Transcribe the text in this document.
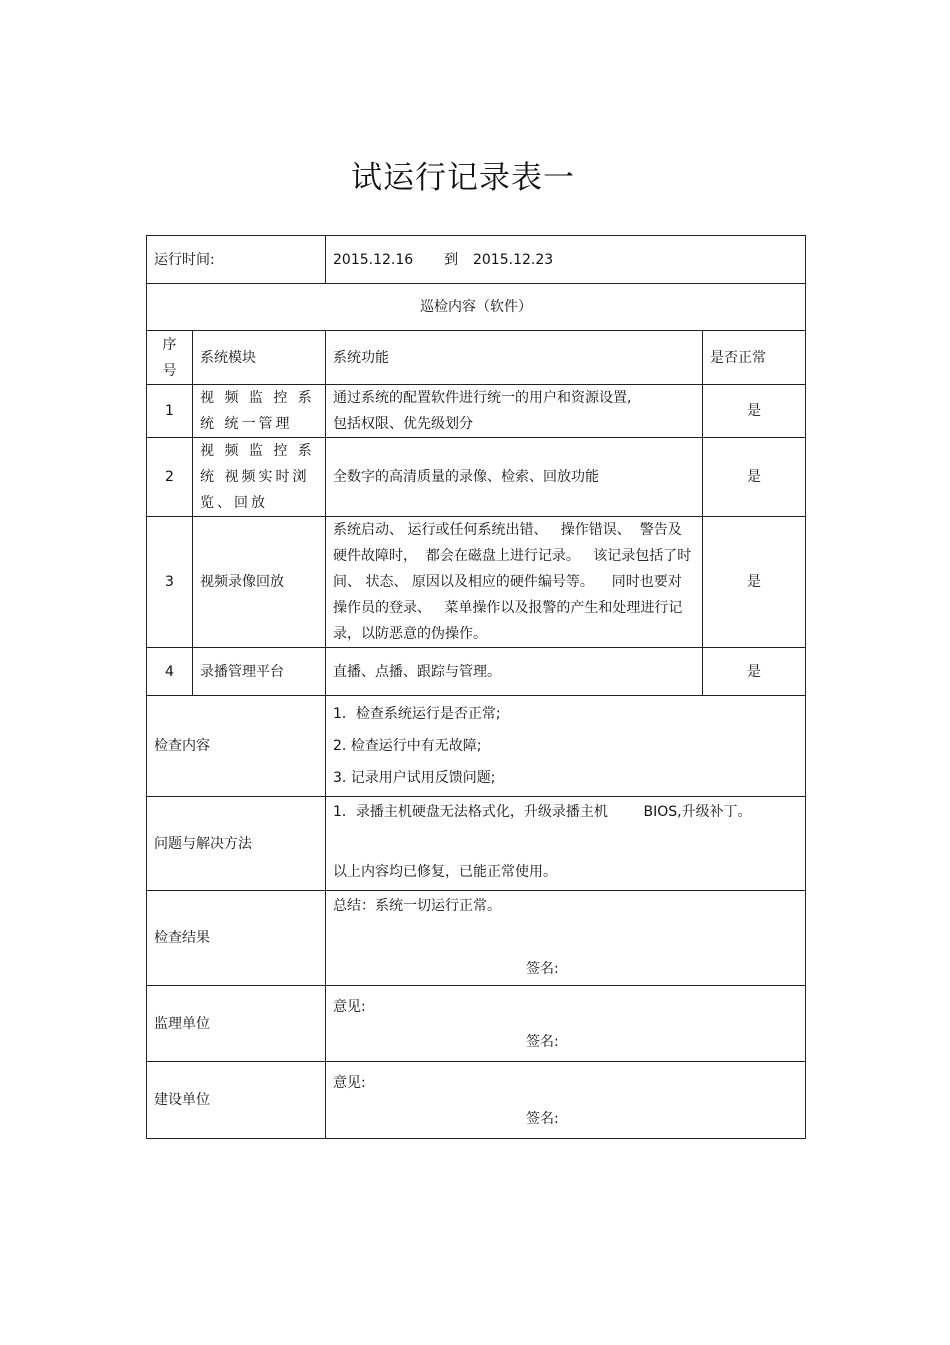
试运行记录表一
运行时间:		2015.12.16 到 2015.12.23	
巡检内容（软件）			
序号	系统模块	系统功能	是否正常
1	视 频 监 控 系 统 统一管理	通过系统的配置软件进行统一的用户和资源设置,
包括权限、优先级划分	是
2	视 频 监 控 系 统 视频实时浏览、回放	全数字的高清质量的录像、检索、回放功能	是
3	视频录像回放	系统启动、 运行或任何系统出错、   操作错误、  警告及硬件故障时，  都会在磁盘上进行记录。   该记录包括了时间、 状态、 原因以及相应的硬件编号等。    同时也要对操作员的登录、   菜单操作以及报警的产生和处理进行记录，以防恶意的伪操作。	是
4	录播管理平台	直播、点播、跟踪与管理。	是
检查内容		1．检查系统运行是否正常;
2. 检查运行中有无故障;
3. 记录用户试用反馈问题;	

问题与解决方法		1．录播主机硬盘无法格式化，升级录播主机        BIOS,升级补丁。
以上内容均已修复，已能正常使用。	

检查结果		总结：系统一切运行正常。
签名:	

监理单位		意见:
签名:	

建设单位		意见:
签名:	
